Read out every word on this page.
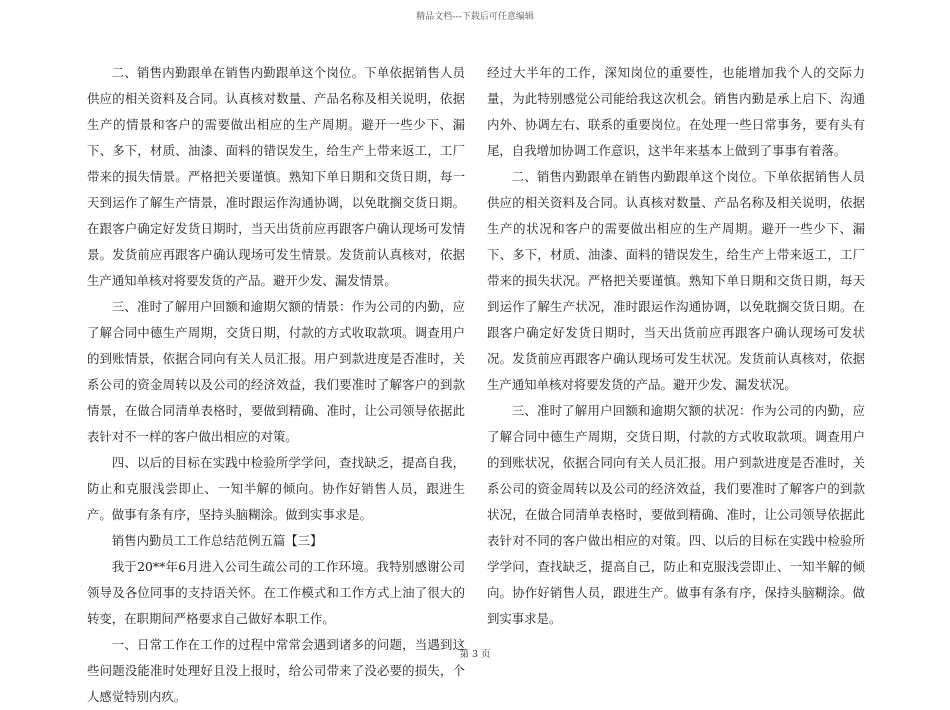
精品文档---下载后可任意编辑

二、销售内勤跟单在销售内勤跟单这个岗位。下单依据销售人员供应的相关资料及合同。认真核对数量、产品名称及相关说明，依据生产的情景和客户的需要做出相应的生产周期。避开一些少下、漏下、多下，材质、油漆、面料的错误发生，给生产上带来返工，工厂带来的损失情景。严格把关要谨慎。熟知下单日期和交货日期，每一天到运作了解生产情景，准时跟运作沟通协调，以免耽搁交货日期。在跟客户确定好发货日期时，当天出货前应再跟客户确认现场可发情景。发货前应再跟客户确认现场可发生情景。发货前认真核对，依据生产通知单核对将要发货的产品。避开少发、漏发情景。

三、准时了解用户回额和逾期欠额的情景：作为公司的内勤，应了解合同中德生产周期，交货日期，付款的方式收取款项。调查用户的到账情景，依据合同向有关人员汇报。用户到款进度是否准时，关系公司的资金周转以及公司的经济效益，我们要准时了解客户的到款情景，在做合同清单表格时，要做到精确、准时，让公司领导依据此表针对不一样的客户做出相应的对策。

四、以后的目标在实践中检验所学学问，查找缺乏，提高自我，防止和克服浅尝即止、一知半解的倾向。协作好销售人员，跟进生产。做事有条有序，坚持头脑糊涂。做到实事求是。

销售内勤员工工作总结范例五篇【三】

我于20**年6月进入公司生疏公司的工作环境。我特别感谢公司领导及各位同事的支持语关怀。在工作模式和工作方式上油了很大的转变，在职期间严格要求自己做好本职工作。

一、日常工作在工作的过程中常常会遇到诸多的问题，当遇到这些问题没能准时处理好且没上报时，给公司带来了没必要的损失，个人感觉特别内疚。

经过大半年的工作，深知岗位的重要性，也能增加我个人的交际力量，为此特别感觉公司能给我这次机会。销售内勤是承上启下、沟通内外、协调左右、联系的重要岗位。在处理一些日常事务，要有头有尾，自我增加协调工作意识，这半年来基本上做到了事事有着落。

二、销售内勤跟单在销售内勤跟单这个岗位。下单依据销售人员供应的相关资料及合同。认真核对数量、产品名称及相关说明，依据生产的状况和客户的需要做出相应的生产周期。避开一些少下、漏下、多下，材质、油漆、面料的错误发生，给生产上带来返工，工厂带来的损失状况。严格把关要谨慎。熟知下单日期和交货日期，每天到运作了解生产状况，准时跟运作沟通协调，以免耽搁交货日期。在跟客户确定好发货日期时，当天出货前应再跟客户确认现场可发状况。发货前应再跟客户确认现场可发生状况。发货前认真核对，依据生产通知单核对将要发货的产品。避开少发、漏发状况。

三、准时了解用户回额和逾期欠额的状况：作为公司的内勤，应了解合同中德生产周期，交货日期，付款的方式收取款项。调查用户的到账状况，依据合同向有关人员汇报。用户到款进度是否准时，关系公司的资金周转以及公司的经济效益，我们要准时了解客户的到款状况，在做合同清单表格时，要做到精确、准时，让公司领导依据此表针对不同的客户做出相应的对策。四、以后的目标在实践中检验所学学问，查找缺乏，提高自己，防止和克服浅尝即止、一知半解的倾向。协作好销售人员，跟进生产。做事有条有序，保持头脑糊涂。做到实事求是。

第 3 页
